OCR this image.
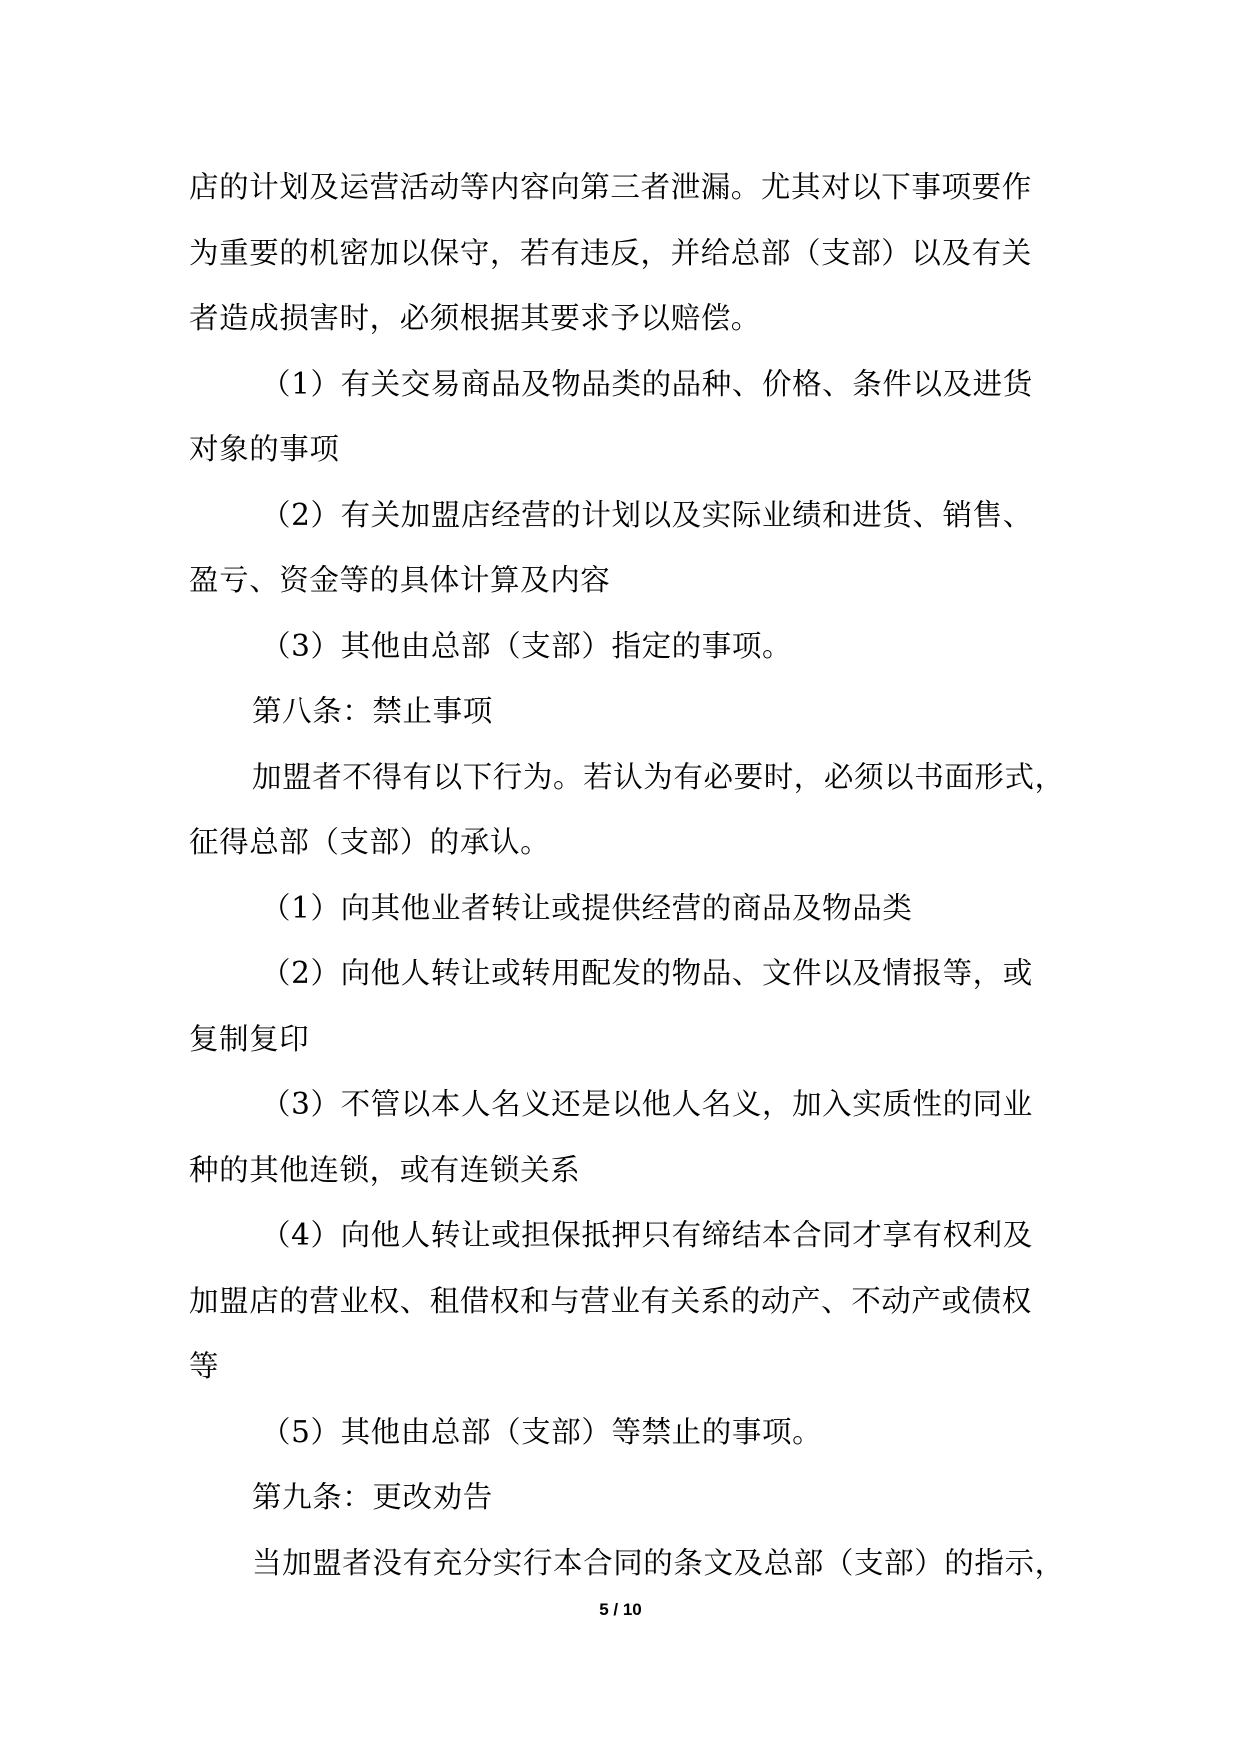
店的计划及运营活动等内容向第三者泄漏。尤其对以下事项要作
为重要的机密加以保守，若有违反，并给总部（支部）以及有关
者造成损害时，必须根据其要求予以赔偿。
（1）有关交易商品及物品类的品种、价格、条件以及进货
对象的事项
（2）有关加盟店经营的计划以及实际业绩和进货、销售、
盈亏、资金等的具体计算及内容
（3）其他由总部（支部）指定的事项。
第八条：禁止事项
加盟者不得有以下行为。若认为有必要时，必须以书面形式，
征得总部（支部）的承认。
（1）向其他业者转让或提供经营的商品及物品类
（2）向他人转让或转用配发的物品、文件以及情报等，或
复制复印
（3）不管以本人名义还是以他人名义，加入实质性的同业
种的其他连锁，或有连锁关系
（4）向他人转让或担保抵押只有缔结本合同才享有权利及
加盟店的营业权、租借权和与营业有关系的动产、不动产或债权
等
（5）其他由总部（支部）等禁止的事项。
第九条：更改劝告
当加盟者没有充分实行本合同的条文及总部（支部）的指示，
5 / 10
